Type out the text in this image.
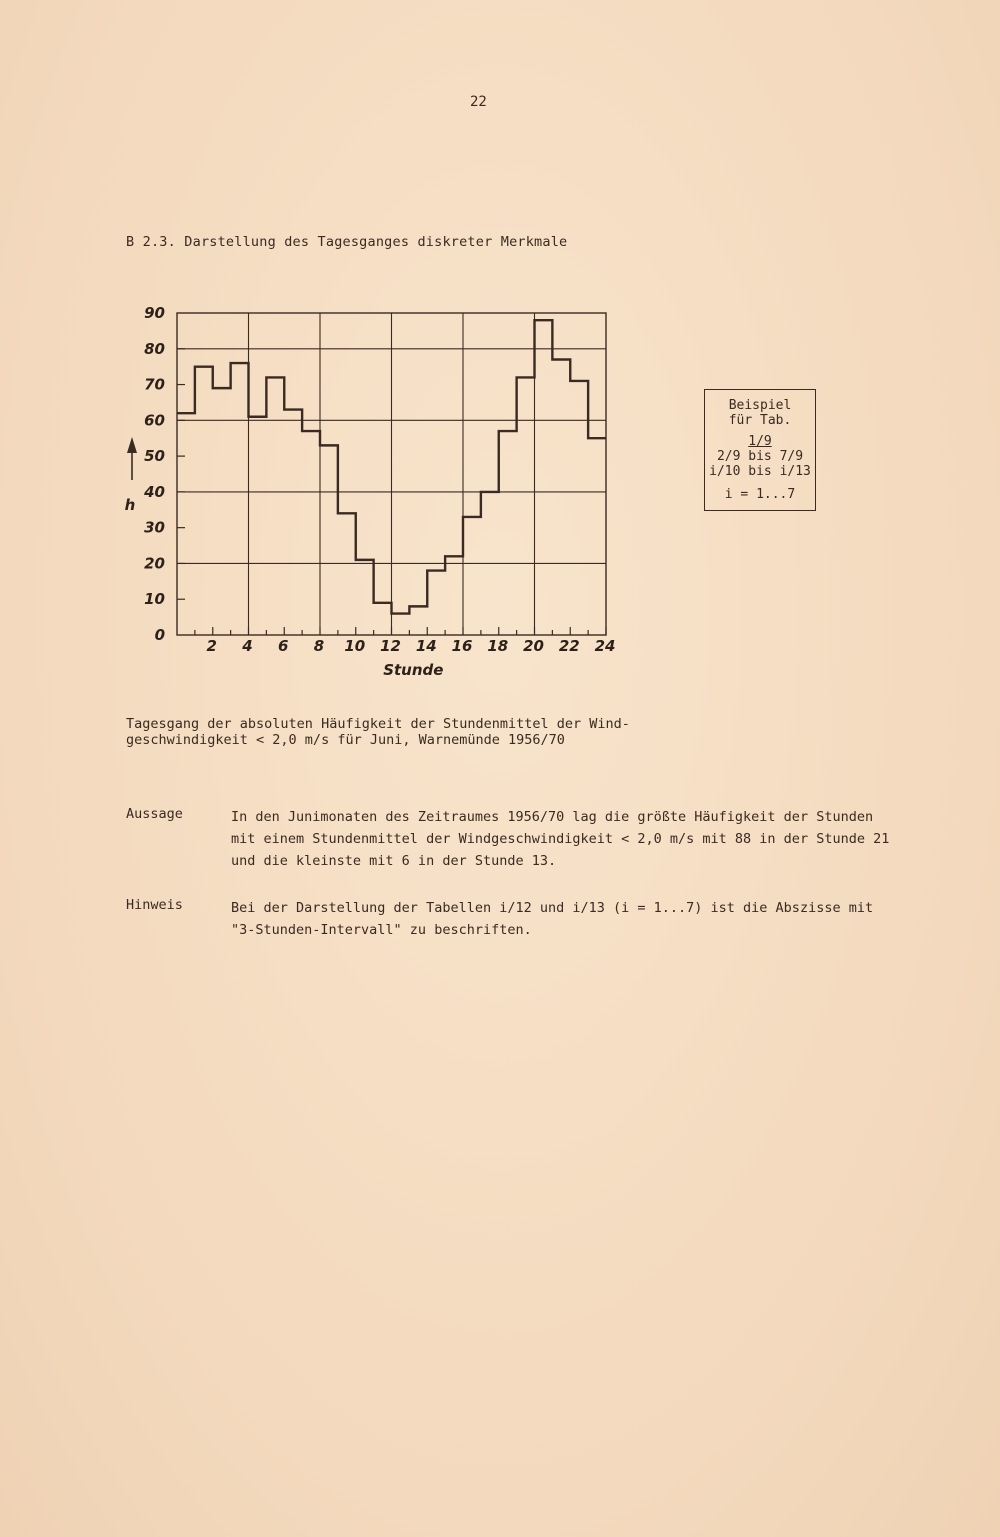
22
B 2.3. Darstellung des Tagesganges diskreter Merkmale
0
10
20
30
40
50
60
70
80
90
2 4 6 8 10 12 14 16 18 20 22 24
Stunde
h
Beispiel
für Tab.
1/9
2/9 bis 7/9
i/10 bis i/13
i = 1...7
Tagesgang der absoluten Häufigkeit der Stundenmittel der Wind-
geschwindigkeit < 2,0 m/s für Juni, Warnemünde 1956/70
Aussage	In den Junimonaten des Zeitraumes 1956/70 lag die größte Häufigkeit der Stunden
mit einem Stundenmittel der Windgeschwindigkeit < 2,0 m/s mit 88 in der Stunde 21
und die kleinste mit 6 in der Stunde 13.
Hinweis	Bei der Darstellung der Tabellen i/12 und i/13 (i = 1...7) ist die Abszisse mit
"3-Stunden-Intervall" zu beschriften.
